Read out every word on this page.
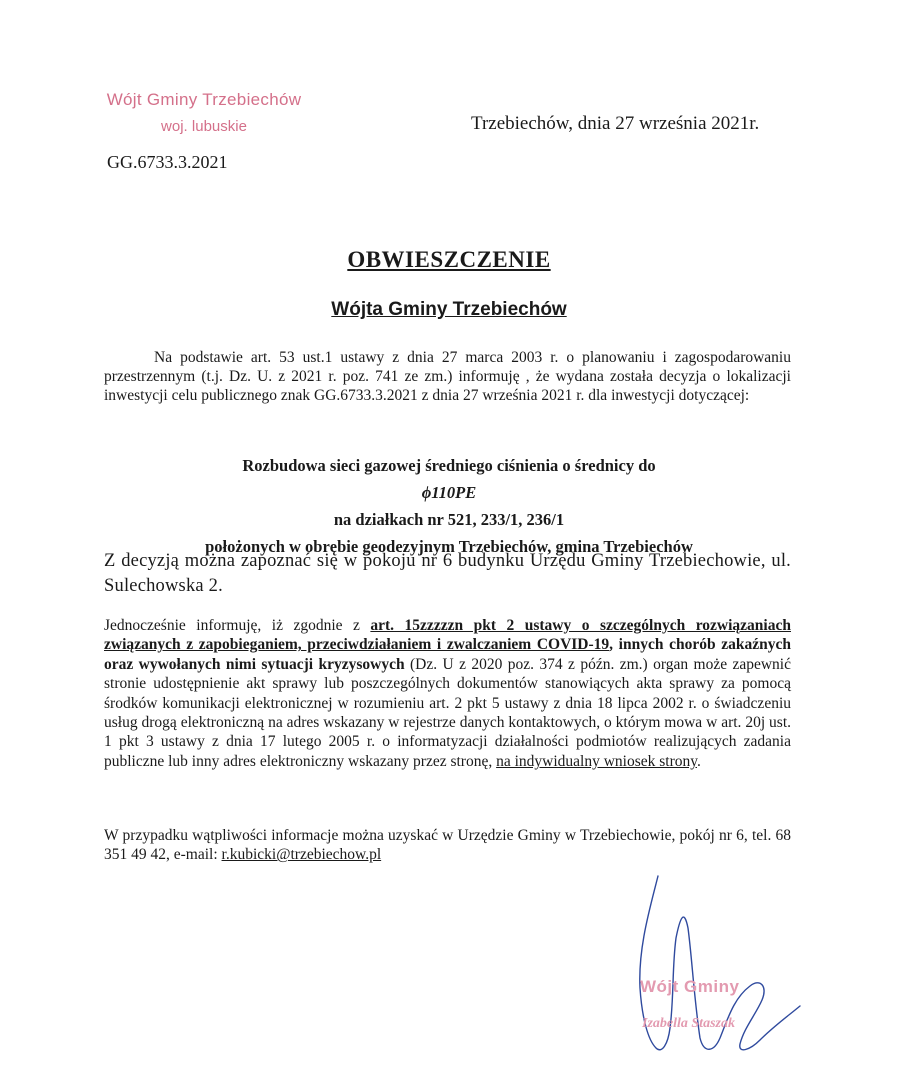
Wójt Gminy Trzebiechów
woj. lubuskie
GG.6733.3.2021
Trzebiechów, dnia 27 września 2021r.
OBWIESZCZENIE
Wójta Gminy Trzebiechów
Na podstawie art. 53 ust.1 ustawy z dnia 27 marca 2003 r. o planowaniu i zagospodarowaniu przestrzennym (t.j. Dz. U. z 2021 r. poz. 741 ze zm.) informuję , że wydana została decyzja o lokalizacji inwestycji celu publicznego znak GG.6733.3.2021 z dnia 27 września 2021 r. dla inwestycji dotyczącej:
Rozbudowa sieci gazowej średniego ciśnienia o średnicy do
ϕ110PE
na działkach nr 521, 233/1, 236/1
położonych w obrębie geodezyjnym Trzebiechów, gmina Trzebiechów
Z decyzją można zapoznać się w pokoju nr 6 budynku Urzędu Gminy Trzebiechowie, ul. Sulechowska 2.
Jednocześnie informuję, iż zgodnie z art. 15zzzzzn pkt 2 ustawy o szczególnych rozwiązaniach związanych z zapobieganiem, przeciwdziałaniem i zwalczaniem COVID-19, innych chorób zakaźnych oraz wywołanych nimi sytuacji kryzysowych (Dz. U z 2020 poz. 374 z późn. zm.) organ może zapewnić stronie udostępnienie akt sprawy lub poszczególnych dokumentów stanowiących akta sprawy za pomocą środków komunikacji elektronicznej w rozumieniu art. 2 pkt 5 ustawy z dnia 18 lipca 2002 r. o świadczeniu usług drogą elektroniczną na adres wskazany w rejestrze danych kontaktowych, o którym mowa w art. 20j ust. 1 pkt 3 ustawy z dnia 17 lutego 2005 r. o informatyzacji działalności podmiotów realizujących zadania publiczne lub inny adres elektroniczny wskazany przez stronę, na indywidualny wniosek strony.
W przypadku wątpliwości informacje można uzyskać w Urzędzie Gminy w Trzebiechowie, pokój nr 6, tel. 68 351 49 42, e-mail: r.kubicki@trzebiechow.pl
Wójt Gminy
Izabella Staszak
